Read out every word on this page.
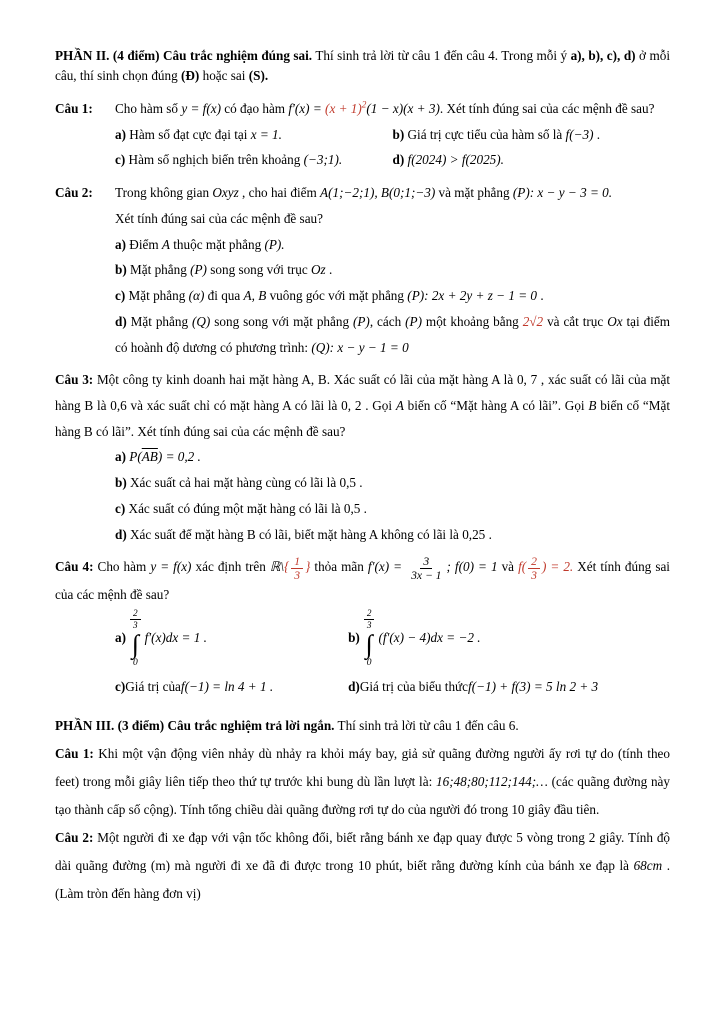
PHẦN II. (4 điểm) Câu trắc nghiệm đúng sai. Thí sinh trả lời từ câu 1 đến câu 4. Trong mỗi ý a), b), c), d) ở mỗi câu, thí sinh chọn đúng (Đ) hoặc sai (S).

Câu 1:	Cho hàm số y = f(x) có đạo hàm $f'(x) = (x + 1)^2(1 - x)(x + 3)$. Xét tính đúng sai của các mệnh đề sau?

a) Hàm số đạt cực đại tại x = 1.	b) Giá trị cực tiểu của hàm số là f(−3) .

c) Hàm số nghịch biến trên khoảng (−3;1).	d) f(2024) > f(2025).

Câu 2:	Trong không gian Oxyz , cho hai điểm A(1;−2;1), B(0;1;−3) và mặt phẳng (P): x − y − 3 = 0.

Xét tính đúng sai của các mệnh đề sau?

a) Điểm A thuộc mặt phẳng (P).

b) Mặt phẳng (P) song song với trục Oz .

c) Mặt phẳng (α) đi qua A, B vuông góc với mặt phẳng (P): 2x + 2y + z − 1 = 0 .

d) Mặt phẳng (Q) song song với mặt phẳng (P), cách (P) một khoảng bằng 2√2 và cắt trục Ox tại điểm có hoành độ dương có phương trình: (Q): x − y − 1 = 0

Câu 3: Một công ty kinh doanh hai mặt hàng A, B. Xác suất có lãi của mặt hàng A là 0, 7 , xác suất có lãi của mặt hàng B là 0,6 và xác suất chỉ có mặt hàng A có lãi là 0, 2 . Gọi A biến cố “Mặt hàng A có lãi”. Gọi B biến cố “Mặt hàng B có lãi”. Xét tính đúng sai của các mệnh đề sau?

a) $P(\overline{AB}) = 0,2$ .

b) Xác suất cả hai mặt hàng cùng có lãi là 0,5 .

c) Xác suất có đúng một mặt hàng có lãi là 0,5 .

d) Xác suất để mặt hàng B có lãi, biết mặt hàng A không có lãi là 0,25 .

Câu 4: Cho hàm y = f(x) xác định trên ℝ\{ $\frac{1}{3}$ } thỏa mãn $f'(x) = \frac{3}{3x - 1}$ ; f(0) = 1 và $f( \frac{2}{3}$ ) = 2. Xét tính đúng sai của các mệnh đề sau?

a)
$\frac{2}{3}$
∫
0
f′(x)dx = 1 .	b)
$\frac{2}{3}$
∫
0
(f′(x) − 4)dx = −2 .

c) Giá trị của f(−1) = ln 4 + 1 .	d) Giá trị của biểu thức f(−1) + f(3) = 5 ln 2 + 3

PHẦN III. (3 điểm) Câu trắc nghiệm trả lời ngắn. Thí sinh trả lời từ câu 1 đến câu 6.

Câu 1: Khi một vận động viên nhảy dù nhảy ra khỏi máy bay, giả sử quãng đường người ấy rơi tự do (tính theo feet) trong mỗi giây liên tiếp theo thứ tự trước khi bung dù lần lượt là: 16;48;80;112;144;… (các quãng đường này tạo thành cấp số cộng). Tính tổng chiều dài quãng đường rơi tự do của người đó trong 10 giây đầu tiên.

Câu 2: Một người đi xe đạp với vận tốc không đổi, biết rằng bánh xe đạp quay được 5 vòng trong 2 giây. Tính độ dài quãng đường (m) mà người đi xe đã đi được trong 10 phút, biết rằng đường kính của bánh xe đạp là 68cm . (Làm tròn đến hàng đơn vị)
